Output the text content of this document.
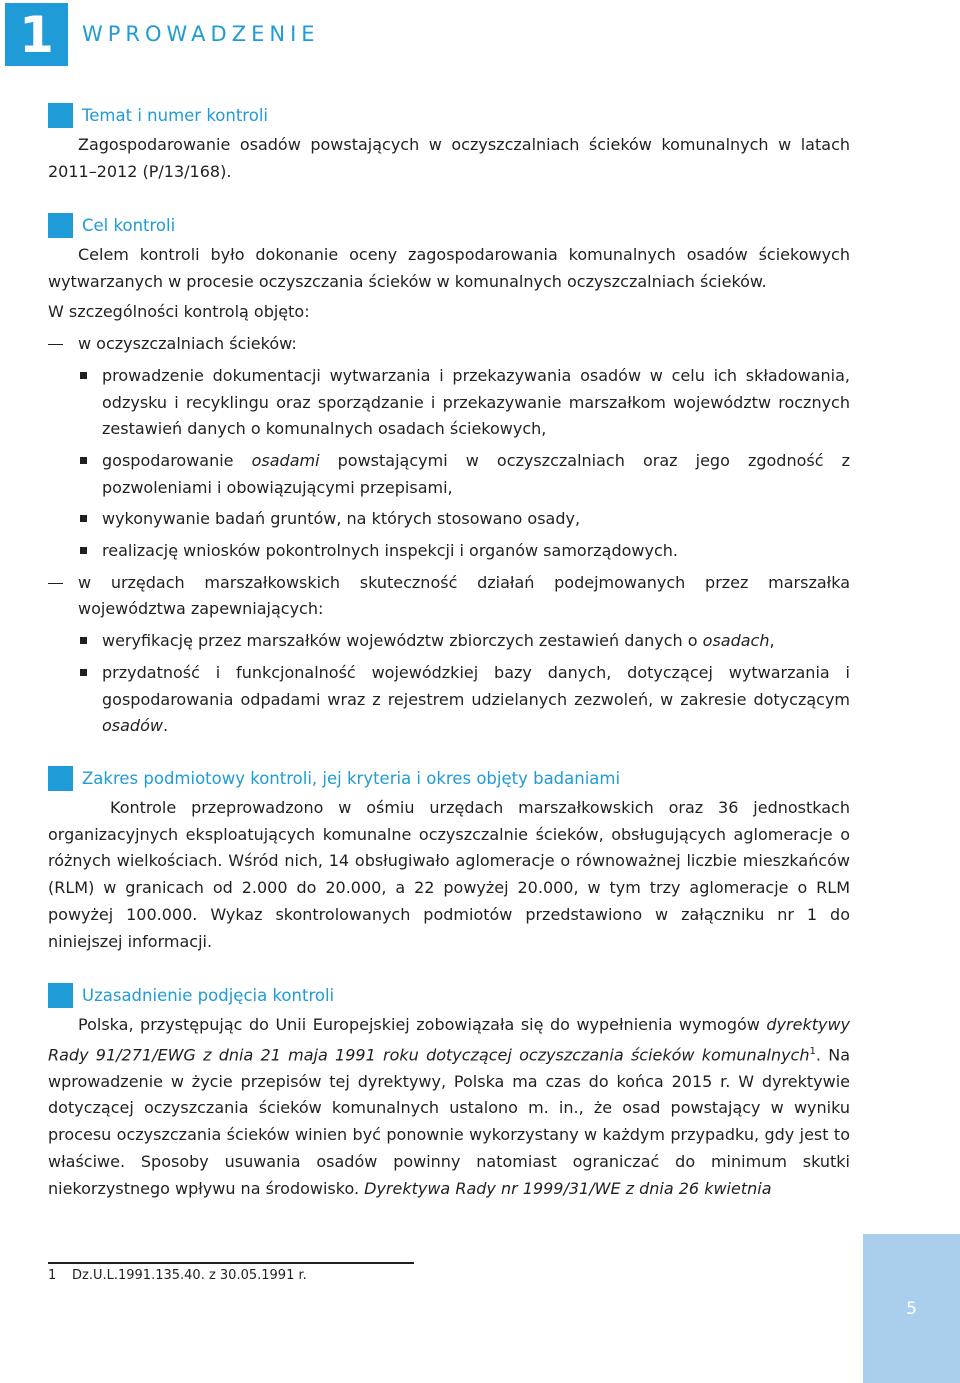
1	WPROWADZENIE
Temat i numer kontroli

Zagospodarowanie osadów powstających w oczyszczalniach ścieków komunalnych w latach 2011–2012 (P/13/168).

Cel kontroli

Celem kontroli było dokonanie oceny zagospodarowania komunalnych osadów ściekowych wytwarzanych w procesie oczyszczania ścieków w komunalnych oczyszczalniach ścieków.

W szczególności kontrolą objęto:

w oczyszczalniach ścieków:
prowadzenie dokumentacji wytwarzania i przekazywania osadów w celu ich składowania, odzysku i recyklingu oraz sporządzanie i przekazywanie marszałkom województw rocznych zestawień danych o komunalnych osadach ściekowych,
gospodarowanie osadami powstającymi w oczyszczalniach oraz jego zgodność z pozwoleniami i obowiązującymi przepisami,
wykonywanie badań gruntów, na których stosowano osady,
realizację wniosków pokontrolnych inspekcji i organów samorządowych.
w urzędach marszałkowskich skuteczność działań podejmowanych przez marszałka województwa zapewniających:
weryfikację przez marszałków województw zbiorczych zestawień danych o osadach,
przydatność i funkcjonalność wojewódzkiej bazy danych, dotyczącej wytwarzania i gospodarowania odpadami wraz z rejestrem udzielanych zezwoleń, w zakresie dotyczącym osadów.
Zakres podmiotowy kontroli, jej kryteria i okres objęty badaniami

Kontrole przeprowadzono w ośmiu urzędach marszałkowskich oraz 36 jednostkach organizacyjnych eksploatujących komunalne oczyszczalnie ścieków, obsługujących aglomeracje o różnych wielkościach. Wśród nich, 14 obsługiwało aglomeracje o równoważnej liczbie mieszkańców (RLM) w granicach od 2.000 do 20.000, a 22 powyżej 20.000, w tym trzy aglomeracje o RLM powyżej 100.000. Wykaz skontrolowanych podmiotów przedstawiono w załączniku nr 1 do niniejszej informacji.

Uzasadnienie podjęcia kontroli

Polska, przystępując do Unii Europejskiej zobowiązała się do wypełnienia wymogów dyrektywy Rady 91/271/EWG z dnia 21 maja 1991 roku dotyczącej oczyszczania ścieków komunalnych$^1$. Na wprowadzenie w życie przepisów tej dyrektywy, Polska ma czas do końca 2015 r. W dyrektywie dotyczącej oczyszczania ścieków komunalnych ustalono m. in., że osad powstający w wyniku procesu oczyszczania ścieków winien być ponownie wykorzystany w każdym przypadku, gdy jest to właściwe. Sposoby usuwania osadów powinny natomiast ograniczać do minimum skutki niekorzystnego wpływu na środowisko. Dyrektywa Rady nr 1999/31/WE z dnia 26 kwietnia

1 Dz.U.L.1991.135.40. z 30.05.1991 r.
5
